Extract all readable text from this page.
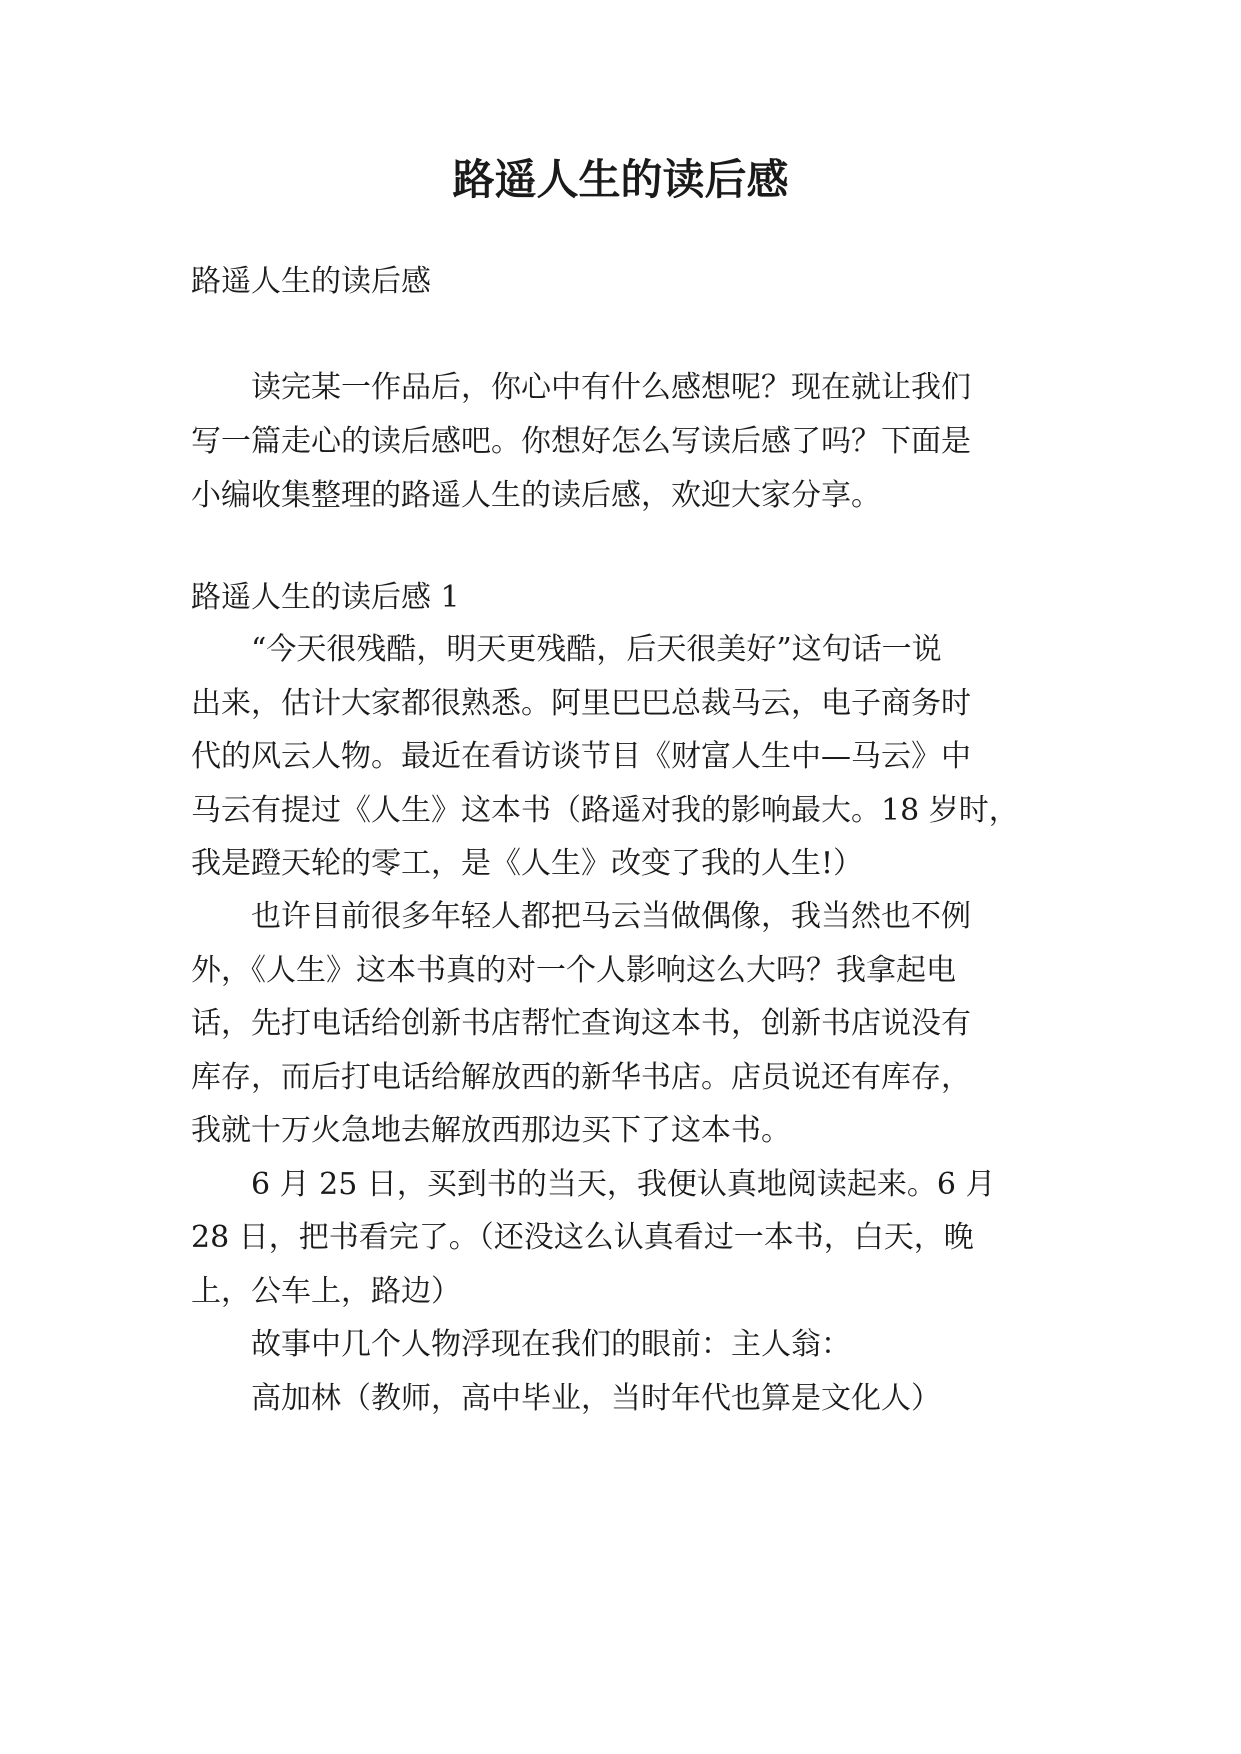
路遥人生的读后感

路遥人生的读后感

读完某一作品后，你心中有什么感想呢？现在就让我们

写一篇走心的读后感吧。你想好怎么写读后感了吗？下面是

小编收集整理的路遥人生的读后感，欢迎大家分享。

路遥人生的读后感 1

“今天很残酷，明天更残酷，后天很美好”这句话一说

出来，估计大家都很熟悉。阿里巴巴总裁马云，电子商务时

代的风云人物。最近在看访谈节目《财富人生中—马云》中

马云有提过《人生》这本书（路遥对我的影响最大。18 岁时，

我是蹬天轮的零工，是《人生》改变了我的人生!）

也许目前很多年轻人都把马云当做偶像，我当然也不例

外，《人生》这本书真的对一个人影响这么大吗？我拿起电

话，先打电话给创新书店帮忙查询这本书，创新书店说没有

库存，而后打电话给解放西的新华书店。店员说还有库存，

我就十万火急地去解放西那边买下了这本书。

6 月 25 日，买到书的当天，我便认真地阅读起来。6 月

28 日，把书看完了。（还没这么认真看过一本书，白天，晚

上，公车上，路边）

故事中几个人物浮现在我们的眼前：主人翁：

高加林（教师，高中毕业，当时年代也算是文化人）
